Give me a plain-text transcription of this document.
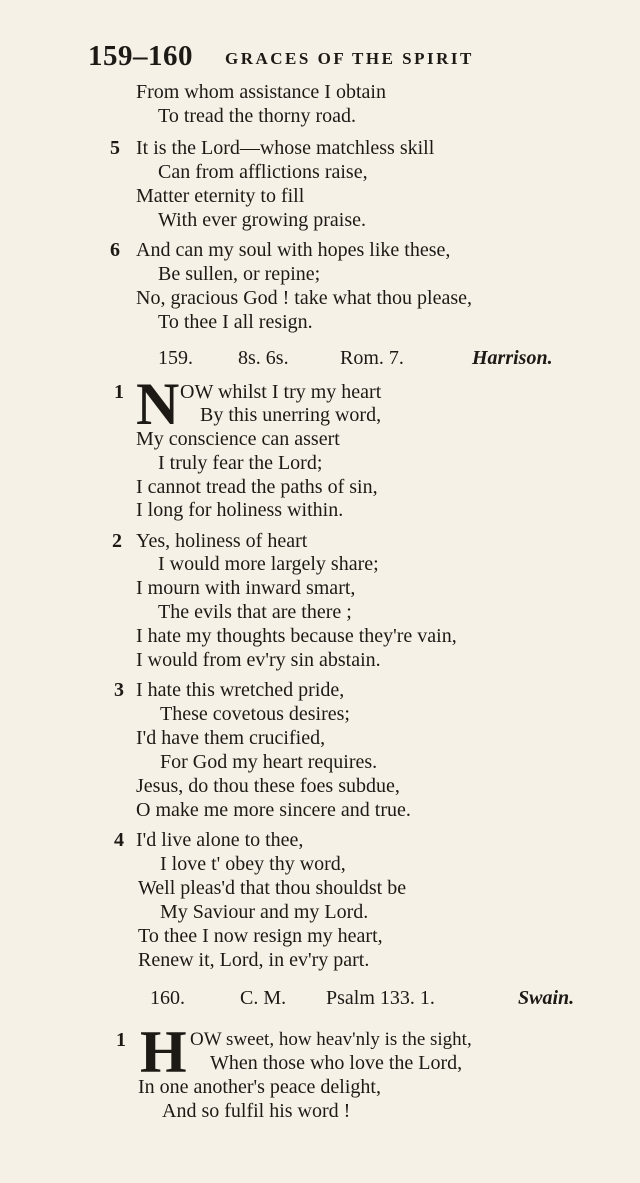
159–160 GRACES OF THE SPIRIT
From whom assistance I obtain
To tread the thorny road.
5 It is the Lord—whose matchless skill
Can from afflictions raise,
Matter eternity to fill
With ever growing praise.
6 And can my soul with hopes like these,
Be sullen, or repine;
No, gracious God ! take what thou please,
To thee I all resign.
159. 8s. 6s.	Rom. 7.	Harrison.
1 N OW whilst I try my heart
By this unerring word,
My conscience can assert
I truly fear the Lord;
I cannot tread the paths of sin,
I long for holiness within.
2 Yes, holiness of heart
I would more largely share;
I mourn with inward smart,
The evils that are there ;
I hate my thoughts because they're vain,
I would from ev'ry sin abstain.
3 I hate this wretched pride,
These covetous desires;
I'd have them crucified,
For God my heart requires.
Jesus, do thou these foes subdue,
O make me more sincere and true.
4 I'd live alone to thee,
I love t' obey thy word,
Well pleas'd that thou shouldst be
My Saviour and my Lord.
To thee I now resign my heart,
Renew it, Lord, in ev'ry part.
160.	C. M. Psalm 133. 1.	Swain.
1 H OW sweet, how heav'nly is the sight,
When those who love the Lord,
In one another's peace delight,
And so fulfil his word !
